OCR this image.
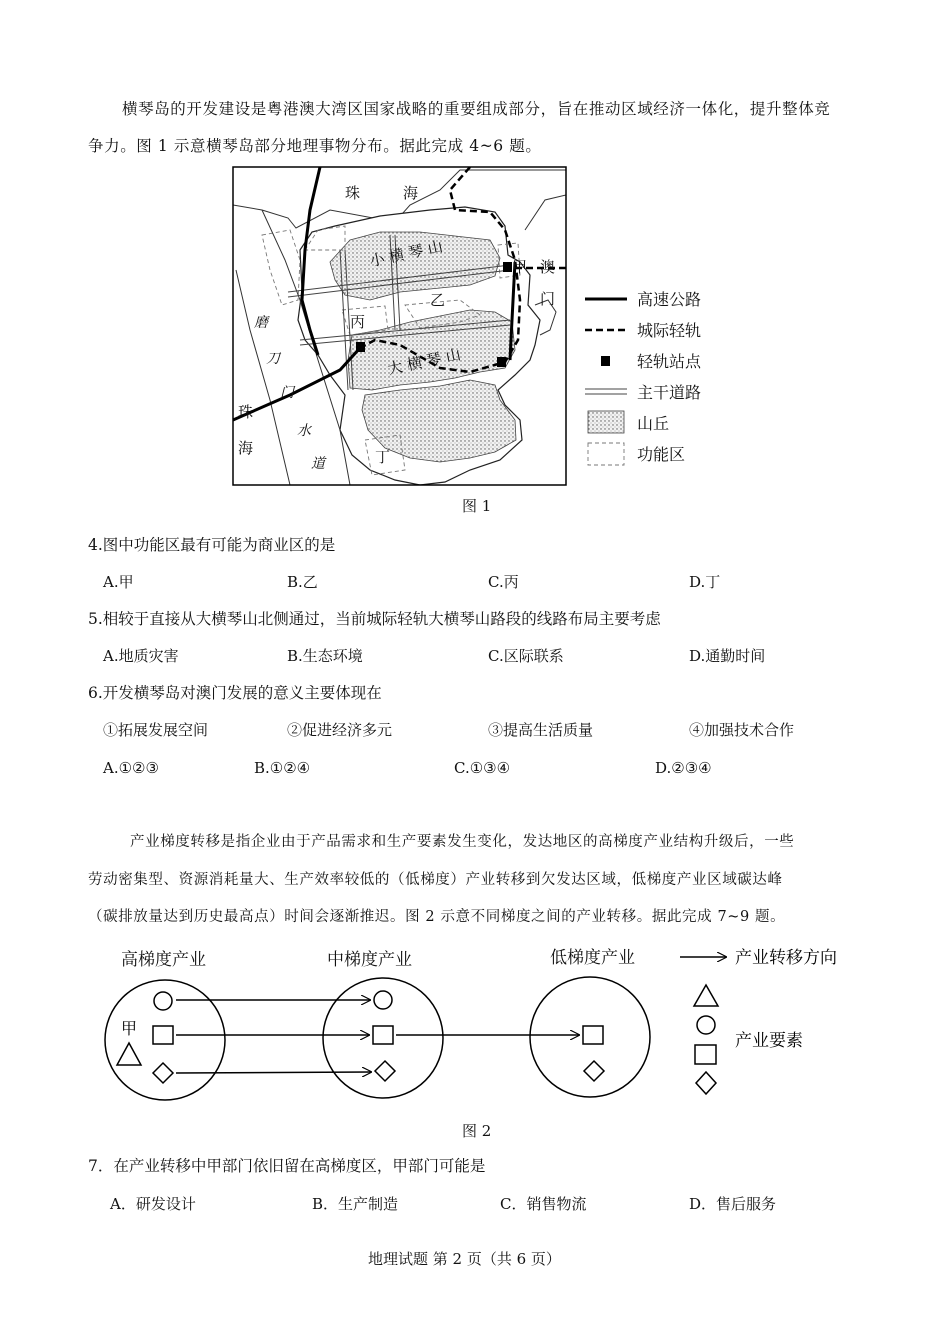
横琴岛的开发建设是粤港澳大湾区国家战略的重要组成部分，旨在推动区域经济一体化，提升整体竞
争力。图 1 示意横琴岛部分地理事物分布。据此完成 4~6 题。
珠	海
小 横 琴 山	甲 澳
门
乙
丙
大 横 琴 山
丁
珠
海
磨
刀
门
水
道
高速公路
城际轻轨
轻轨站点
主干道路
山丘
功能区
图 1
4.图中功能区最有可能为商业区的是
A.甲	B.乙	C.丙	D.丁
5.相较于直接从大横琴山北侧通过，当前城际轻轨大横琴山路段的线路布局主要考虑
A.地质灾害	B.生态环境	C.区际联系	D.通勤时间
6.开发横琴岛对澳门发展的意义主要体现在
①拓展发展空间	②促进经济多元	③提高生活质量	④加强技术合作
A.①②③	B.①②④	C.①③④	D.②③④
产业梯度转移是指企业由于产品需求和生产要素发生变化，发达地区的高梯度产业结构升级后，一些
劳动密集型、资源消耗量大、生产效率较低的（低梯度）产业转移到欠发达区域，低梯度产业区域碳达峰
（碳排放量达到历史最高点）时间会逐渐推迟。图 2 示意不同梯度之间的产业转移。据此完成 7~9 题。
高梯度产业	中梯度产业	低梯度产业
甲
产业转移方向
产业要素
图 2
7．在产业转移中甲部门依旧留在高梯度区，甲部门可能是
A．研发设计	B．生产制造	C．销售物流	D．售后服务
地理试题 第 2 页（共 6 页）
